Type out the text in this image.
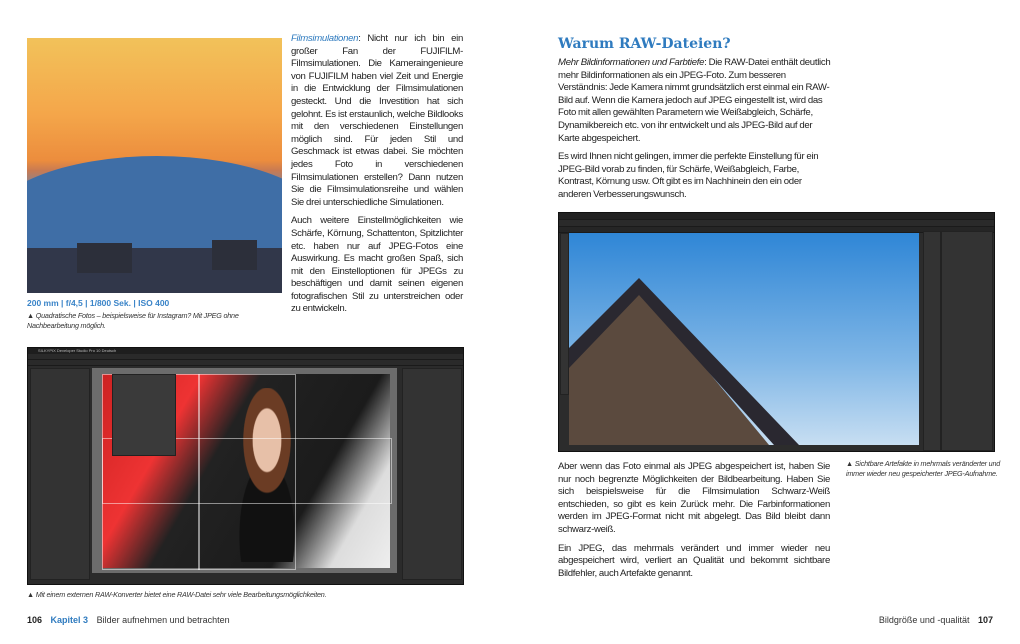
200 mm | f/4,5 | 1/800 Sek. | ISO 400
▲ Quadratische Fotos – beispielsweise für Instagram? Mit JPEG ohne Nachbearbeitung möglich.

Filmsimulationen: Nicht nur ich bin ein großer Fan der FUJIFILM-Filmsimulationen. Die Kameraingenieure von FUJIFILM haben viel Zeit und Energie in die Entwicklung der Filmsimulationen gesteckt. Und die Investition hat sich gelohnt. Es ist erstaunlich, welche Bildlooks mit den verschiedenen Einstellungen möglich sind. Für jeden Stil und Geschmack ist etwas dabei. Sie möchten jedes Foto in verschiedenen Filmsimulationen erstellen? Dann nutzen Sie die Filmsimulationsreihe und wählen Sie drei unterschiedliche Simulationen.

Auch weitere Einstellmöglichkeiten wie Schärfe, Körnung, Schattenton, Spitzlichter etc. haben nur auf JPEG-Fotos eine Auswirkung. Es macht großen Spaß, sich mit den Einstelloptionen für JPEGs zu beschäftigen und damit seinen eigenen fotografischen Stil zu unterstreichen oder zu entwickeln.

SILKYPIX Developer Studio Pro 10 Deutsch
▲ Mit einem externen RAW-Konverter bietet eine RAW-Datei sehr viele Bearbeitungsmöglichkeiten.
106 Kapitel 3 Bilder aufnehmen und betrachten
Warum RAW-Dateien?

Mehr Bildinformationen und Farbtiefe: Die RAW-Datei enthält deutlich mehr Bildinformationen als ein JPEG-Foto. Zum besseren Verständnis: Jede Kamera nimmt grundsätzlich erst einmal ein RAW-Bild auf. Wenn die Kamera jedoch auf JPEG eingestellt ist, wird das Foto mit allen gewählten Parametern wie Weißabgleich, Schärfe, Dynamikbereich etc. von ihr entwickelt und als JPEG-Bild auf der Karte abgespeichert.

Es wird Ihnen nicht gelingen, immer die perfekte Einstellung für ein JPEG-Bild vorab zu finden, für Schärfe, Weißabgleich, Farbe, Kontrast, Körnung usw. Oft gibt es im Nachhinein den ein oder anderen Verbesserungswunsch.

Aber wenn das Foto einmal als JPEG abgespeichert ist, haben Sie nur noch begrenzte Möglichkeiten der Bildbearbeitung. Haben Sie sich beispielsweise für die Filmsimulation Schwarz-Weiß entschieden, so gibt es kein Zurück mehr. Die Farbinformationen werden im JPEG-Format nicht mit abgelegt. Das Bild bleibt dann schwarz-weiß.

Ein JPEG, das mehrmals verändert und immer wieder neu abgespeichert wird, verliert an Qualität und bekommt sichtbare Bildfehler, auch Artefakte genannt.

▲ Sichtbare Artefakte in mehrmals veränderter und immer wieder neu gespeicherter JPEG-Aufnahme.
Bildgröße und -qualität 107
